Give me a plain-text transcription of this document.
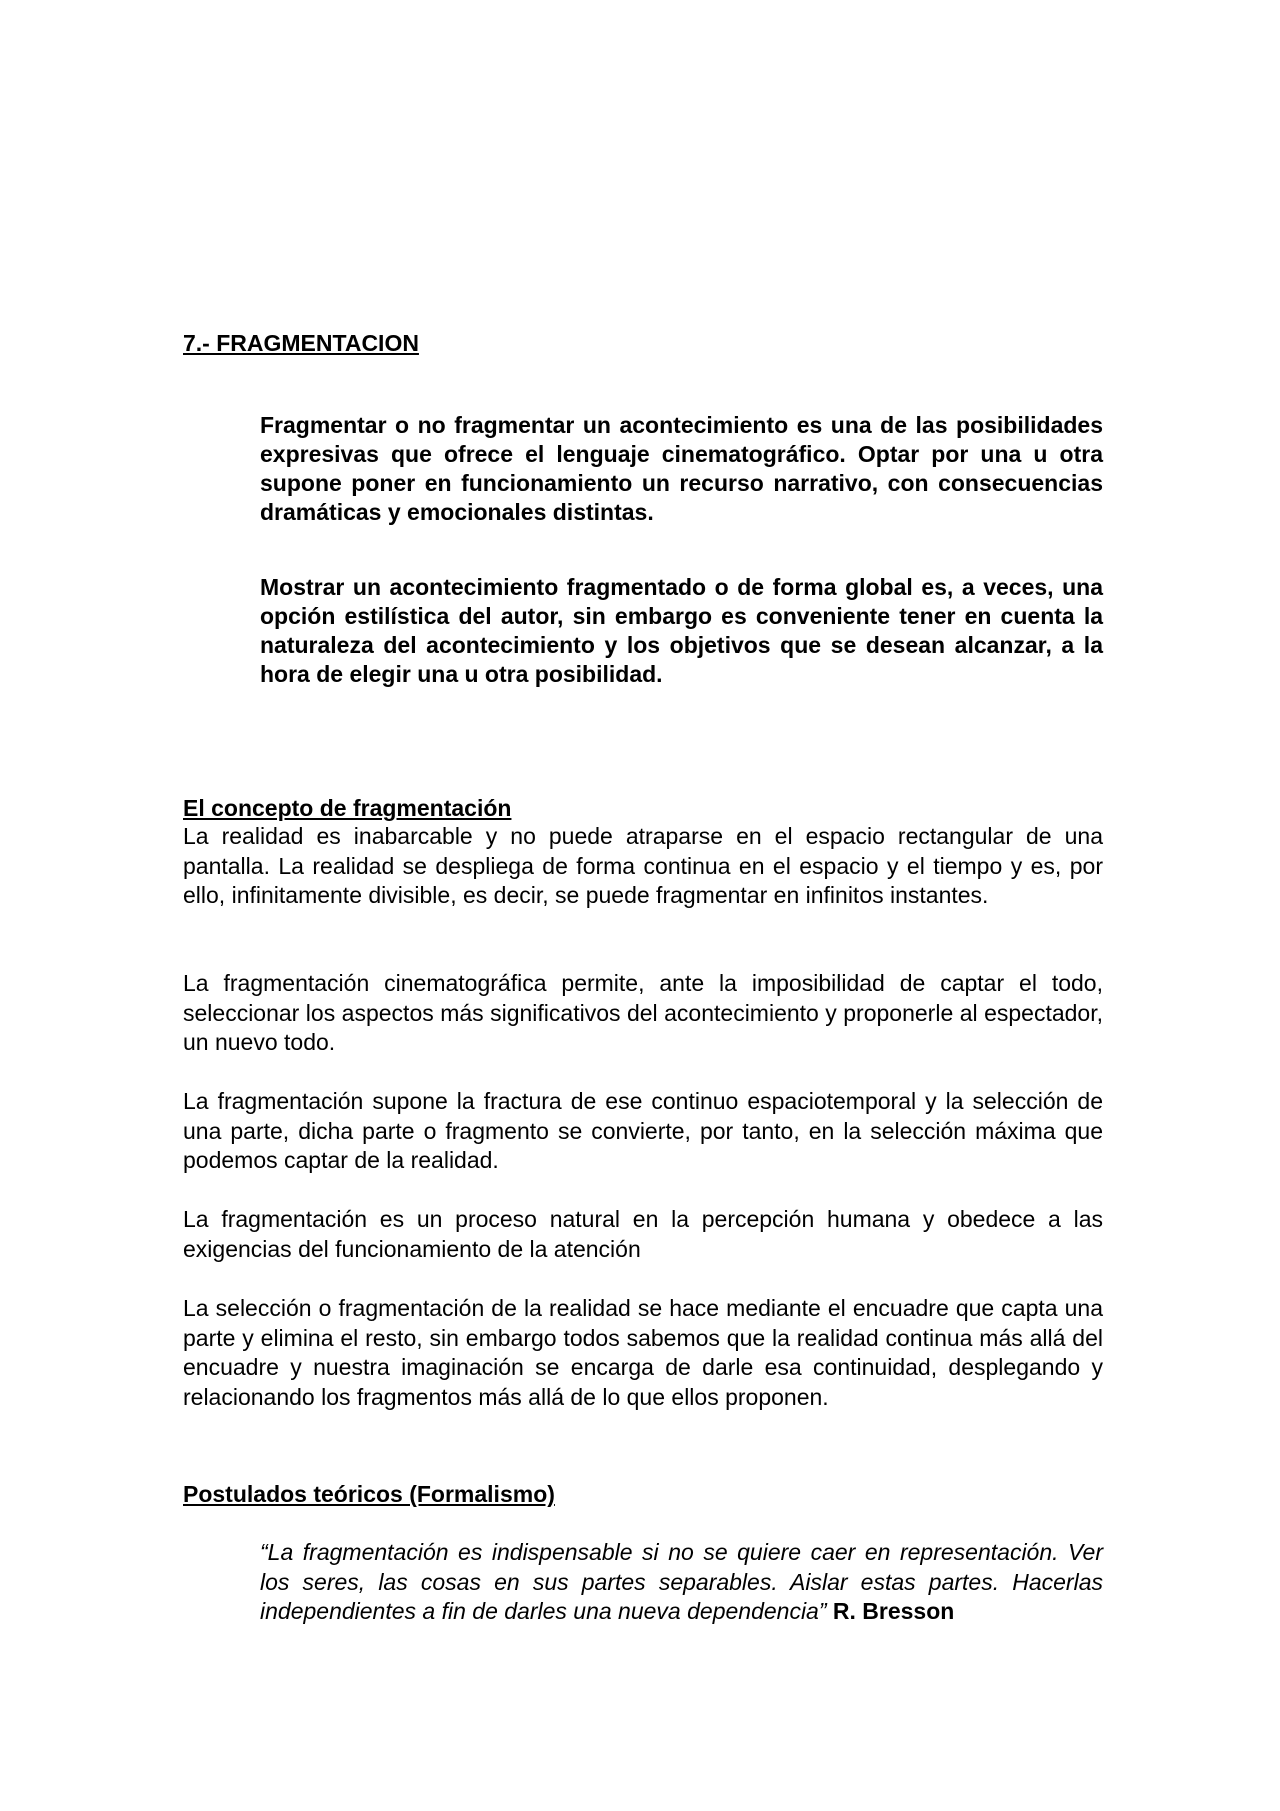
7.- FRAGMENTACION

Fragmentar o no fragmentar un acontecimiento es una de las posibilidades expresivas que ofrece el lenguaje cinematográfico. Optar por una u otra supone poner en funcionamiento un recurso narrativo, con consecuencias dramáticas y emocionales distintas.

Mostrar un acontecimiento fragmentado o de forma global es, a veces, una opción estilística del autor, sin embargo es conveniente tener en cuenta la naturaleza del acontecimiento y los objetivos que se desean alcanzar, a la hora de elegir una u otra posibilidad.

El concepto de fragmentación

La realidad es inabarcable y no puede atraparse en el espacio rectangular de una pantalla. La realidad se despliega de forma continua en el espacio y el tiempo y es, por ello, infinitamente divisible, es decir, se puede fragmentar en infinitos instantes.

La fragmentación cinematográfica permite, ante la imposibilidad de captar el todo, seleccionar los aspectos más significativos del acontecimiento y proponerle al espectador, un nuevo todo.

La fragmentación supone la fractura de ese continuo espaciotemporal y la selección de una parte, dicha parte o fragmento se convierte, por tanto, en la selección máxima que podemos captar de la realidad.

La fragmentación es un proceso natural en la percepción humana y obedece a las exigencias del funcionamiento de la atención

La selección o fragmentación de la realidad se hace mediante el encuadre que capta una parte y elimina el resto, sin embargo todos sabemos que la realidad continua más allá del encuadre y nuestra imaginación se encarga de darle esa continuidad, desplegando y relacionando los fragmentos más allá de lo que ellos proponen.

Postulados teóricos (Formalismo)

“La fragmentación es indispensable si no se quiere caer en representación. Ver los seres, las cosas en sus partes separables. Aislar estas partes. Hacerlas independientes a fin de darles una nueva dependencia” R. Bresson
